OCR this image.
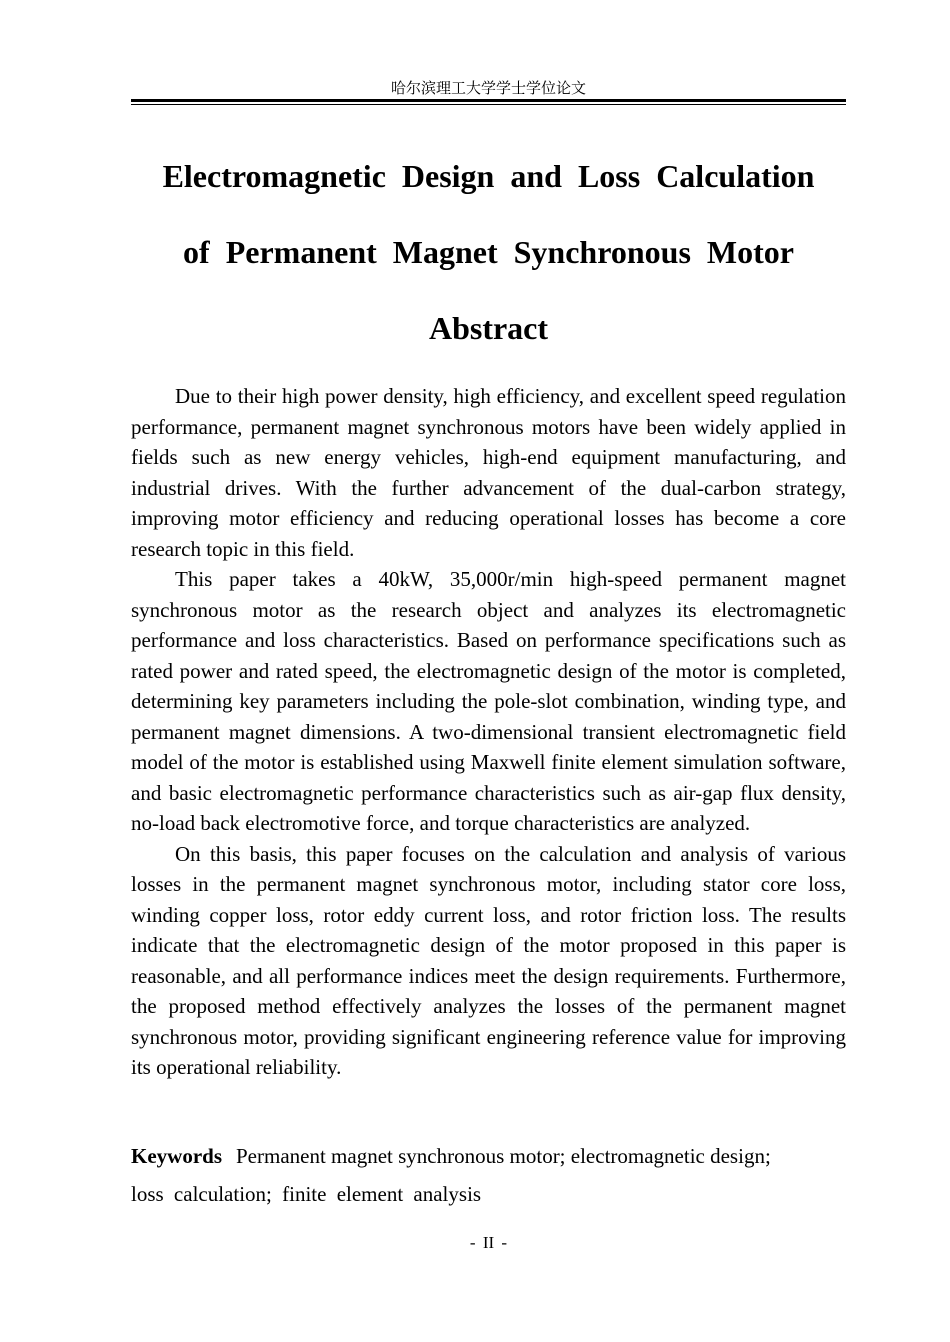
哈尔滨理工大学学士学位论文
Electromagnetic Design and Loss Calculation
of Permanent Magnet Synchronous Motor
Abstract

Due to their high power density, high efficiency, and excellent speed regulation performance, permanent magnet synchronous motors have been widely applied in fields such as new energy vehicles, high-end equipment manufacturing, and industrial drives. With the further advancement of the dual-carbon strategy, improving motor efficiency and reducing operational losses has become a core research topic in this field.

This paper takes a 40kW, 35,000r/min high-speed permanent magnet synchronous motor as the research object and analyzes its electromagnetic performance and loss characteristics. Based on performance specifications such as rated power and rated speed, the electromagnetic design of the motor is completed, determining key parameters including the pole-slot combination, winding type, and permanent magnet dimensions. A two-dimensional transient electromagnetic field model of the motor is established using Maxwell finite element simulation software, and basic electromagnetic performance characteristics such as air-gap flux density, no-load back electromotive force, and torque characteristics are analyzed.

On this basis, this paper focuses on the calculation and analysis of various losses in the permanent magnet synchronous motor, including stator core loss, winding copper loss, rotor eddy current loss, and rotor friction loss. The results indicate that the electromagnetic design of the motor proposed in this paper is reasonable, and all performance indices meet the design requirements. Furthermore, the proposed method effectively analyzes the losses of the permanent magnet synchronous motor, providing significant engineering reference value for improving its operational reliability.

Keywords Permanent magnet synchronous motor; electromagnetic design;
loss calculation; finite element analysis

- II -
